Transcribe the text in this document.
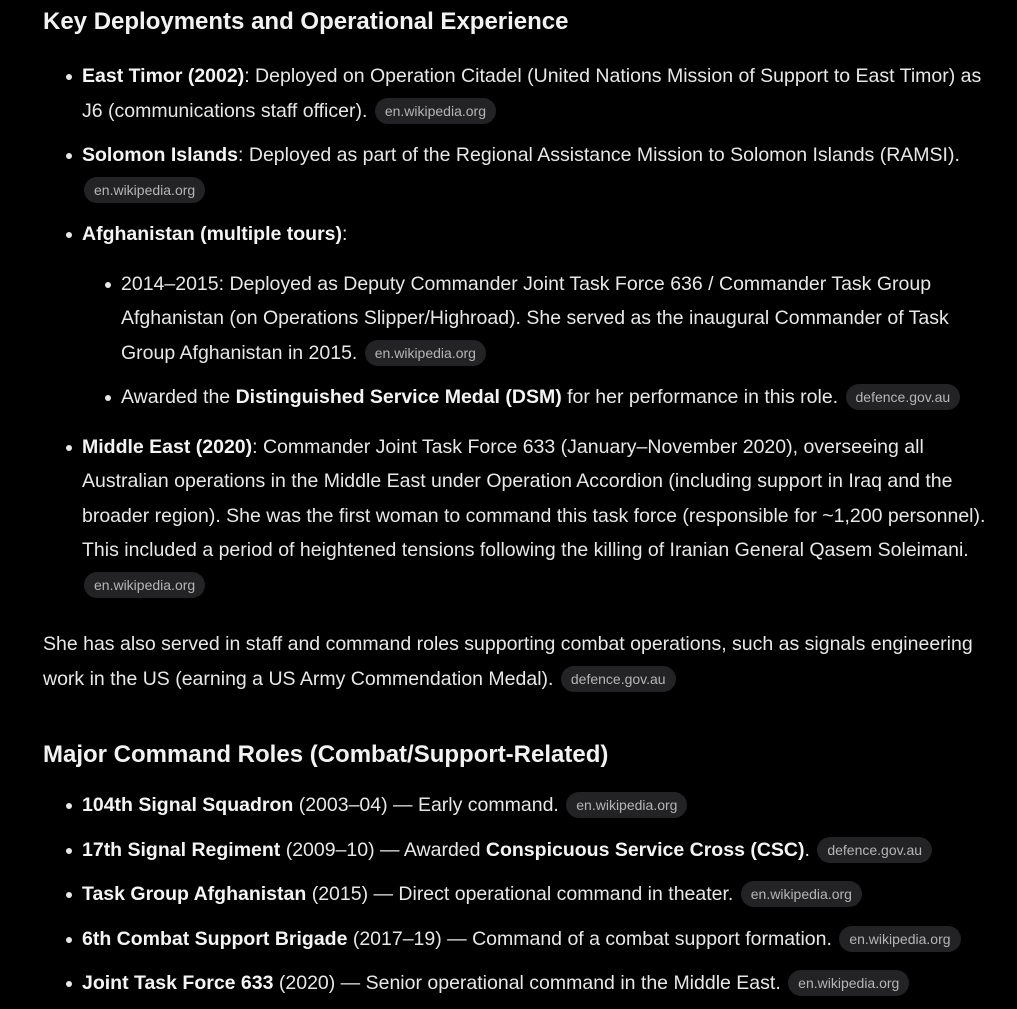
Key Deployments and Operational Experience
East Timor (2002): Deployed on Operation Citadel (United Nations Mission of Support to East Timor) as J6 (communications staff officer). en.wikipedia.org
Solomon Islands: Deployed as part of the Regional Assistance Mission to Solomon Islands (RAMSI). en.wikipedia.org
Afghanistan (multiple tours):
2014–2015: Deployed as Deputy Commander Joint Task Force 636 / Commander Task Group Afghanistan (on Operations Slipper/Highroad). She served as the inaugural Commander of Task Group Afghanistan in 2015. en.wikipedia.org
Awarded the Distinguished Service Medal (DSM) for her performance in this role. defence.gov.au
Middle East (2020): Commander Joint Task Force 633 (January–November 2020), overseeing all Australian operations in the Middle East under Operation Accordion (including support in Iraq and the broader region). She was the first woman to command this task force (responsible for ~1,200 personnel). This included a period of heightened tensions following the killing of Iranian General Qasem Soleimani. en.wikipedia.org

She has also served in staff and command roles supporting combat operations, such as signals engineering work in the US (earning a US Army Commendation Medal). defence.gov.au

Major Command Roles (Combat/Support-Related)
104th Signal Squadron (2003–04) — Early command. en.wikipedia.org
17th Signal Regiment (2009–10) — Awarded Conspicuous Service Cross (CSC). defence.gov.au
Task Group Afghanistan (2015) — Direct operational command in theater. en.wikipedia.org
6th Combat Support Brigade (2017–19) — Command of a combat support formation. en.wikipedia.org
Joint Task Force 633 (2020) — Senior operational command in the Middle East. en.wikipedia.org
